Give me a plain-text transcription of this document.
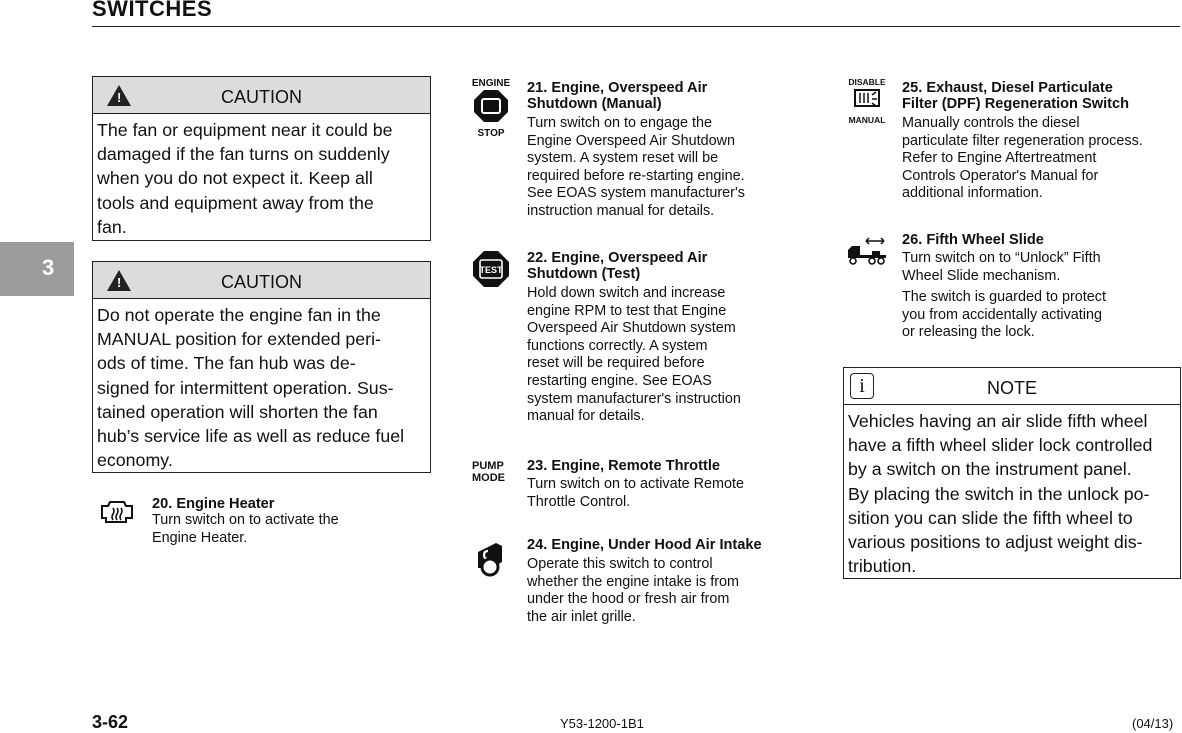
SWITCHES
3
!
CAUTION
The fan or equipment near it could be
damaged if the fan turns on suddenly
when you do not expect it. Keep all
tools and equipment away from the
fan.
!
CAUTION
Do not operate the engine fan in the
MANUAL position for extended peri-
ods of time. The fan hub was de-
signed for intermittent operation. Sus-
tained operation will shorten the fan
hub’s service life as well as reduce fuel
economy.
20. Engine Heater
Turn switch on to activate the
Engine Heater.
ENGINE
STOP
21. Engine, Overspeed Air
Shutdown (Manual)
Turn switch on to engage the
Engine Overspeed Air Shutdown
system. A system reset will be
required before re-starting engine.
See EOAS system manufacturer's
instruction manual for details.
TEST
22. Engine, Overspeed Air
Shutdown (Test)
Hold down switch and increase
engine RPM to test that Engine
Overspeed Air Shutdown system
functions correctly. A system
reset will be required before
restarting engine. See EOAS
system manufacturer's instruction
manual for details.
PUMP
MODE
23. Engine, Remote Throttle
Turn switch on to activate Remote
Throttle Control.
24. Engine, Under Hood Air Intake
Operate this switch to control
whether the engine intake is from
under the hood or fresh air from
the air inlet grille.
DISABLE
MANUAL
25. Exhaust, Diesel Particulate
Filter (DPF) Regeneration Switch
Manually controls the diesel
particulate filter regeneration process.
Refer to Engine Aftertreatment
Controls Operator's Manual for
additional information.
26. Fifth Wheel Slide
Turn switch on to “Unlock” Fifth
Wheel Slide mechanism.
The switch is guarded to protect
you from accidentally activating
or releasing the lock.
i	NOTE
Vehicles having an air slide fifth wheel
have a fifth wheel slider lock controlled
by a switch on the instrument panel.
By placing the switch in the unlock po-
sition you can slide the fifth wheel to
various positions to adjust weight dis-
tribution.
3-62	Y53-1200-1B1	(04/13)
